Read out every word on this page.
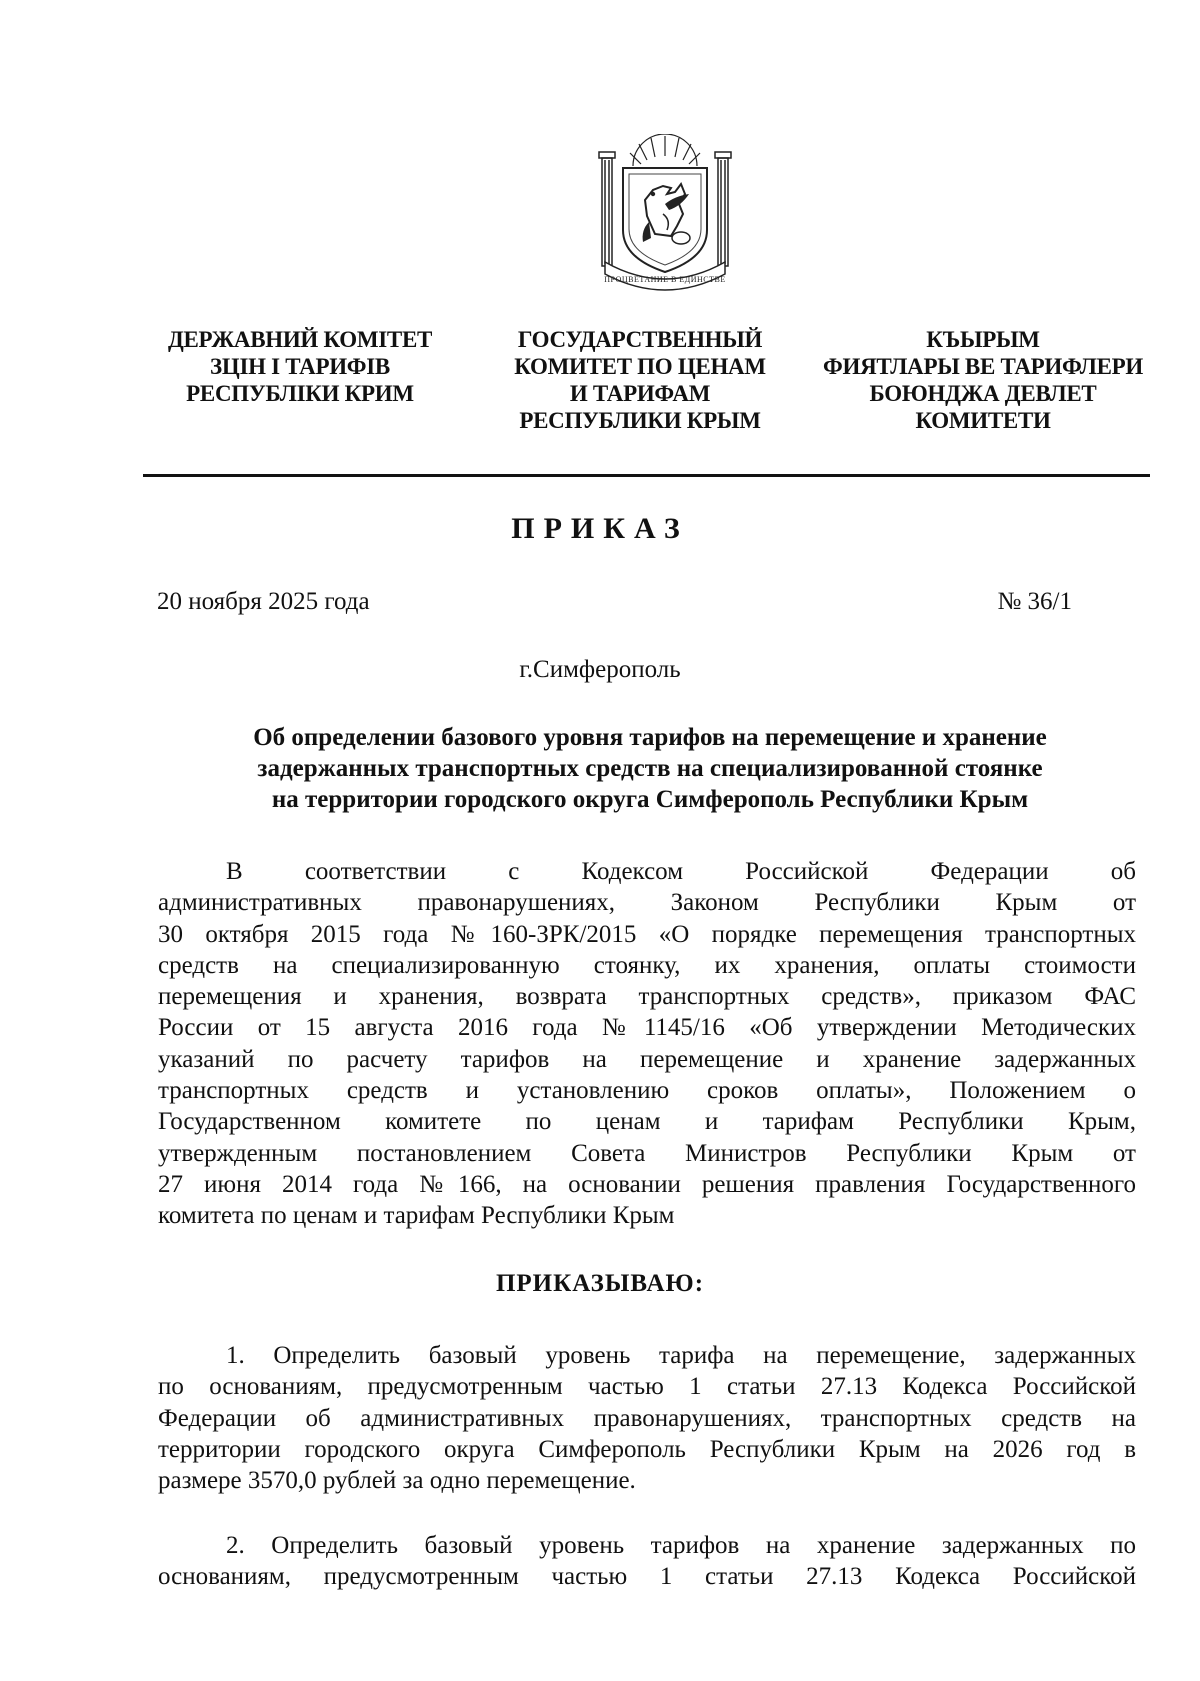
ПРОЦВЕТАНИЕ В ЕДИНСТВЕ
ДЕРЖАВНИЙ КОМІТЕТ
ЗЦІН І ТАРИФІВ
РЕСПУБЛІКИ КРИМ
ГОСУДАРСТВЕННЫЙ
КОМИТЕТ ПО ЦЕНАМ
И ТАРИФАМ
РЕСПУБЛИКИ КРЫМ
КЪЫРЫМ
ФИЯТЛАРЫ ВЕ ТАРИФЛЕРИ
БОЮНДЖА ДЕВЛЕТ
КОМИТЕТИ
ПРИКАЗ
20 ноября 2025 года	№ 36/1
г.Симферополь
Об определении базового уровня тарифов на перемещение и хранение
задержанных транспортных средств на специализированной стоянке
на территории городского округа Симферополь Республики Крым
В соответствии с Кодексом Российской Федерации об
административных правонарушениях, Законом Республики Крым от
30 октября 2015 года №160-ЗРК/2015 «О порядке перемещения транспортных
средств на специализированную стоянку, их хранения, оплаты стоимости
перемещения и хранения, возврата транспортных средств», приказом ФАС
России от 15 августа 2016 года №1145/16 «Об утверждении Методических
указаний по расчету тарифов на перемещение и хранение задержанных
транспортных средств и установлению сроков оплаты», Положением о
Государственном комитете по ценам и тарифам Республики Крым,
утвержденным постановлением Совета Министров Республики Крым от
27 июня 2014 года №166, на основании решения правления Государственного
комитета по ценам и тарифам Республики Крым
ПРИКАЗЫВАЮ:
1. Определить базовый уровень тарифа на перемещение, задержанных
по основаниям, предусмотренным частью 1 статьи 27.13 Кодекса Российской
Федерации об административных правонарушениях, транспортных средств на
территории городского округа Симферополь Республики Крым на 2026 год в
размере 3570,0 рублей за одно перемещение.
2. Определить базовый уровень тарифов на хранение задержанных по
основаниям, предусмотренным частью 1 статьи 27.13 Кодекса Российской
